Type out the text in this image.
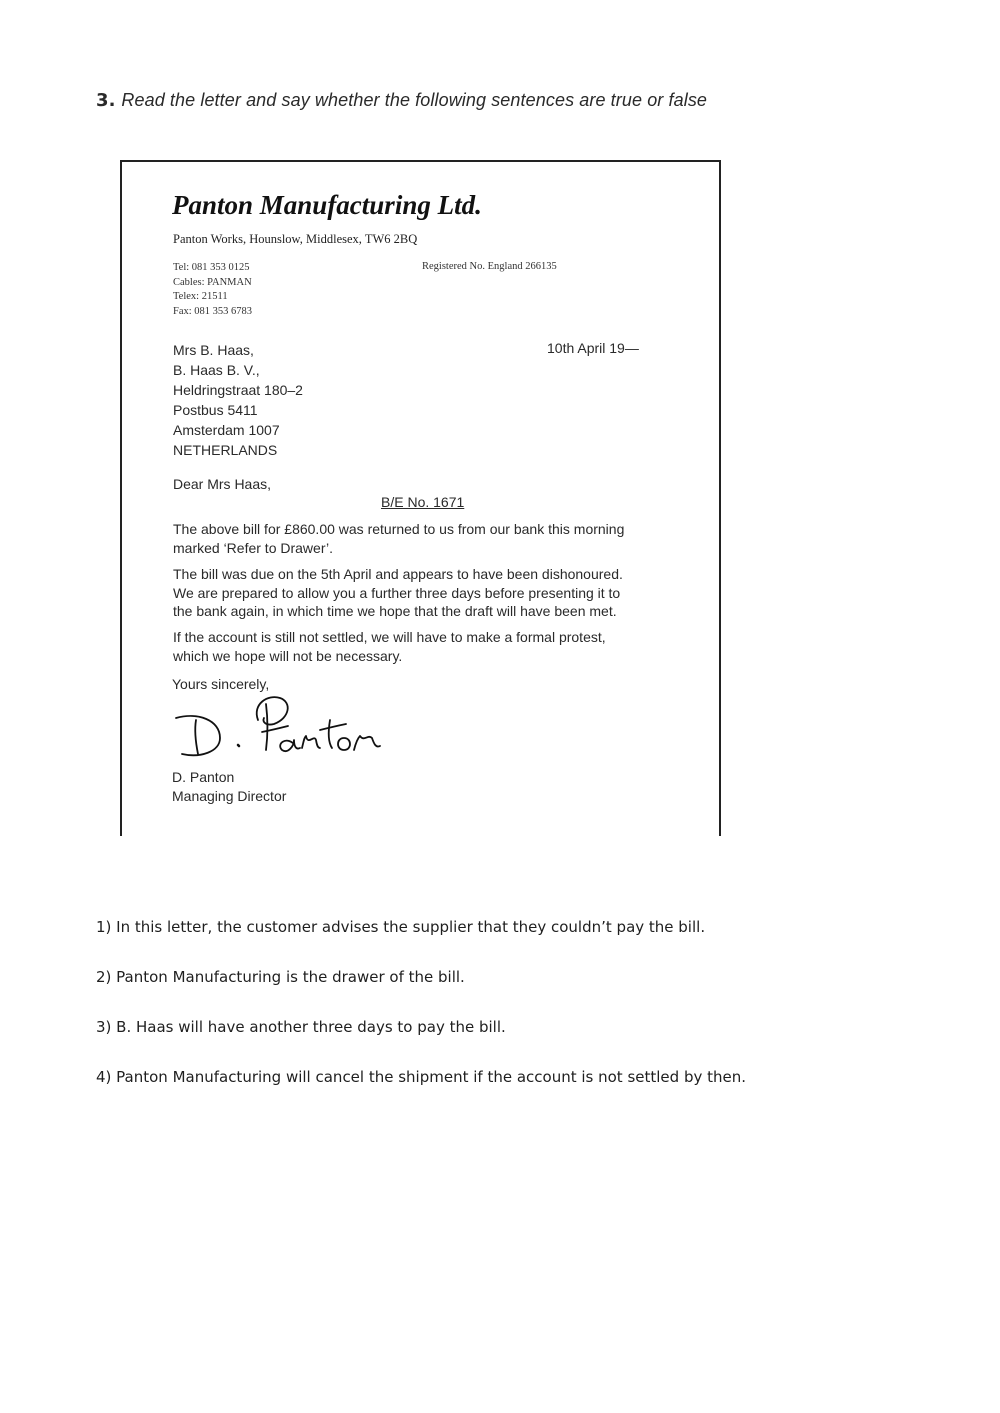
3. Read the letter and say whether the following sentences are true or false
Panton Manufacturing Ltd.
Panton Works, Hounslow, Middlesex, TW6 2BQ
Tel: 081 353 0125
Cables: PANMAN
Telex: 21511
Fax: 081 353 6783
Registered No. England 266135
Mrs B. Haas,
B. Haas B. V.,
Heldringstraat 180–2
Postbus 5411
Amsterdam 1007
NETHERLANDS
10th April 19—
Dear Mrs Haas,
B/E No. 1671
The above bill for £860.00 was returned to us from our bank this morning
marked ‘Refer to Drawer’.
The bill was due on the 5th April and appears to have been dishonoured.
We are prepared to allow you a further three days before presenting it to
the bank again, in which time we hope that the draft will have been met.
If the account is still not settled, we will have to make a formal protest,
which we hope will not be necessary.
Yours sincerely,
D. Panton
Managing Director
1) In this letter, the customer advises the supplier that they couldn’t pay the bill.
2) Panton Manufacturing is the drawer of the bill.
3) B. Haas will have another three days to pay the bill.
4) Panton Manufacturing will cancel the shipment if the account is not settled by then.
